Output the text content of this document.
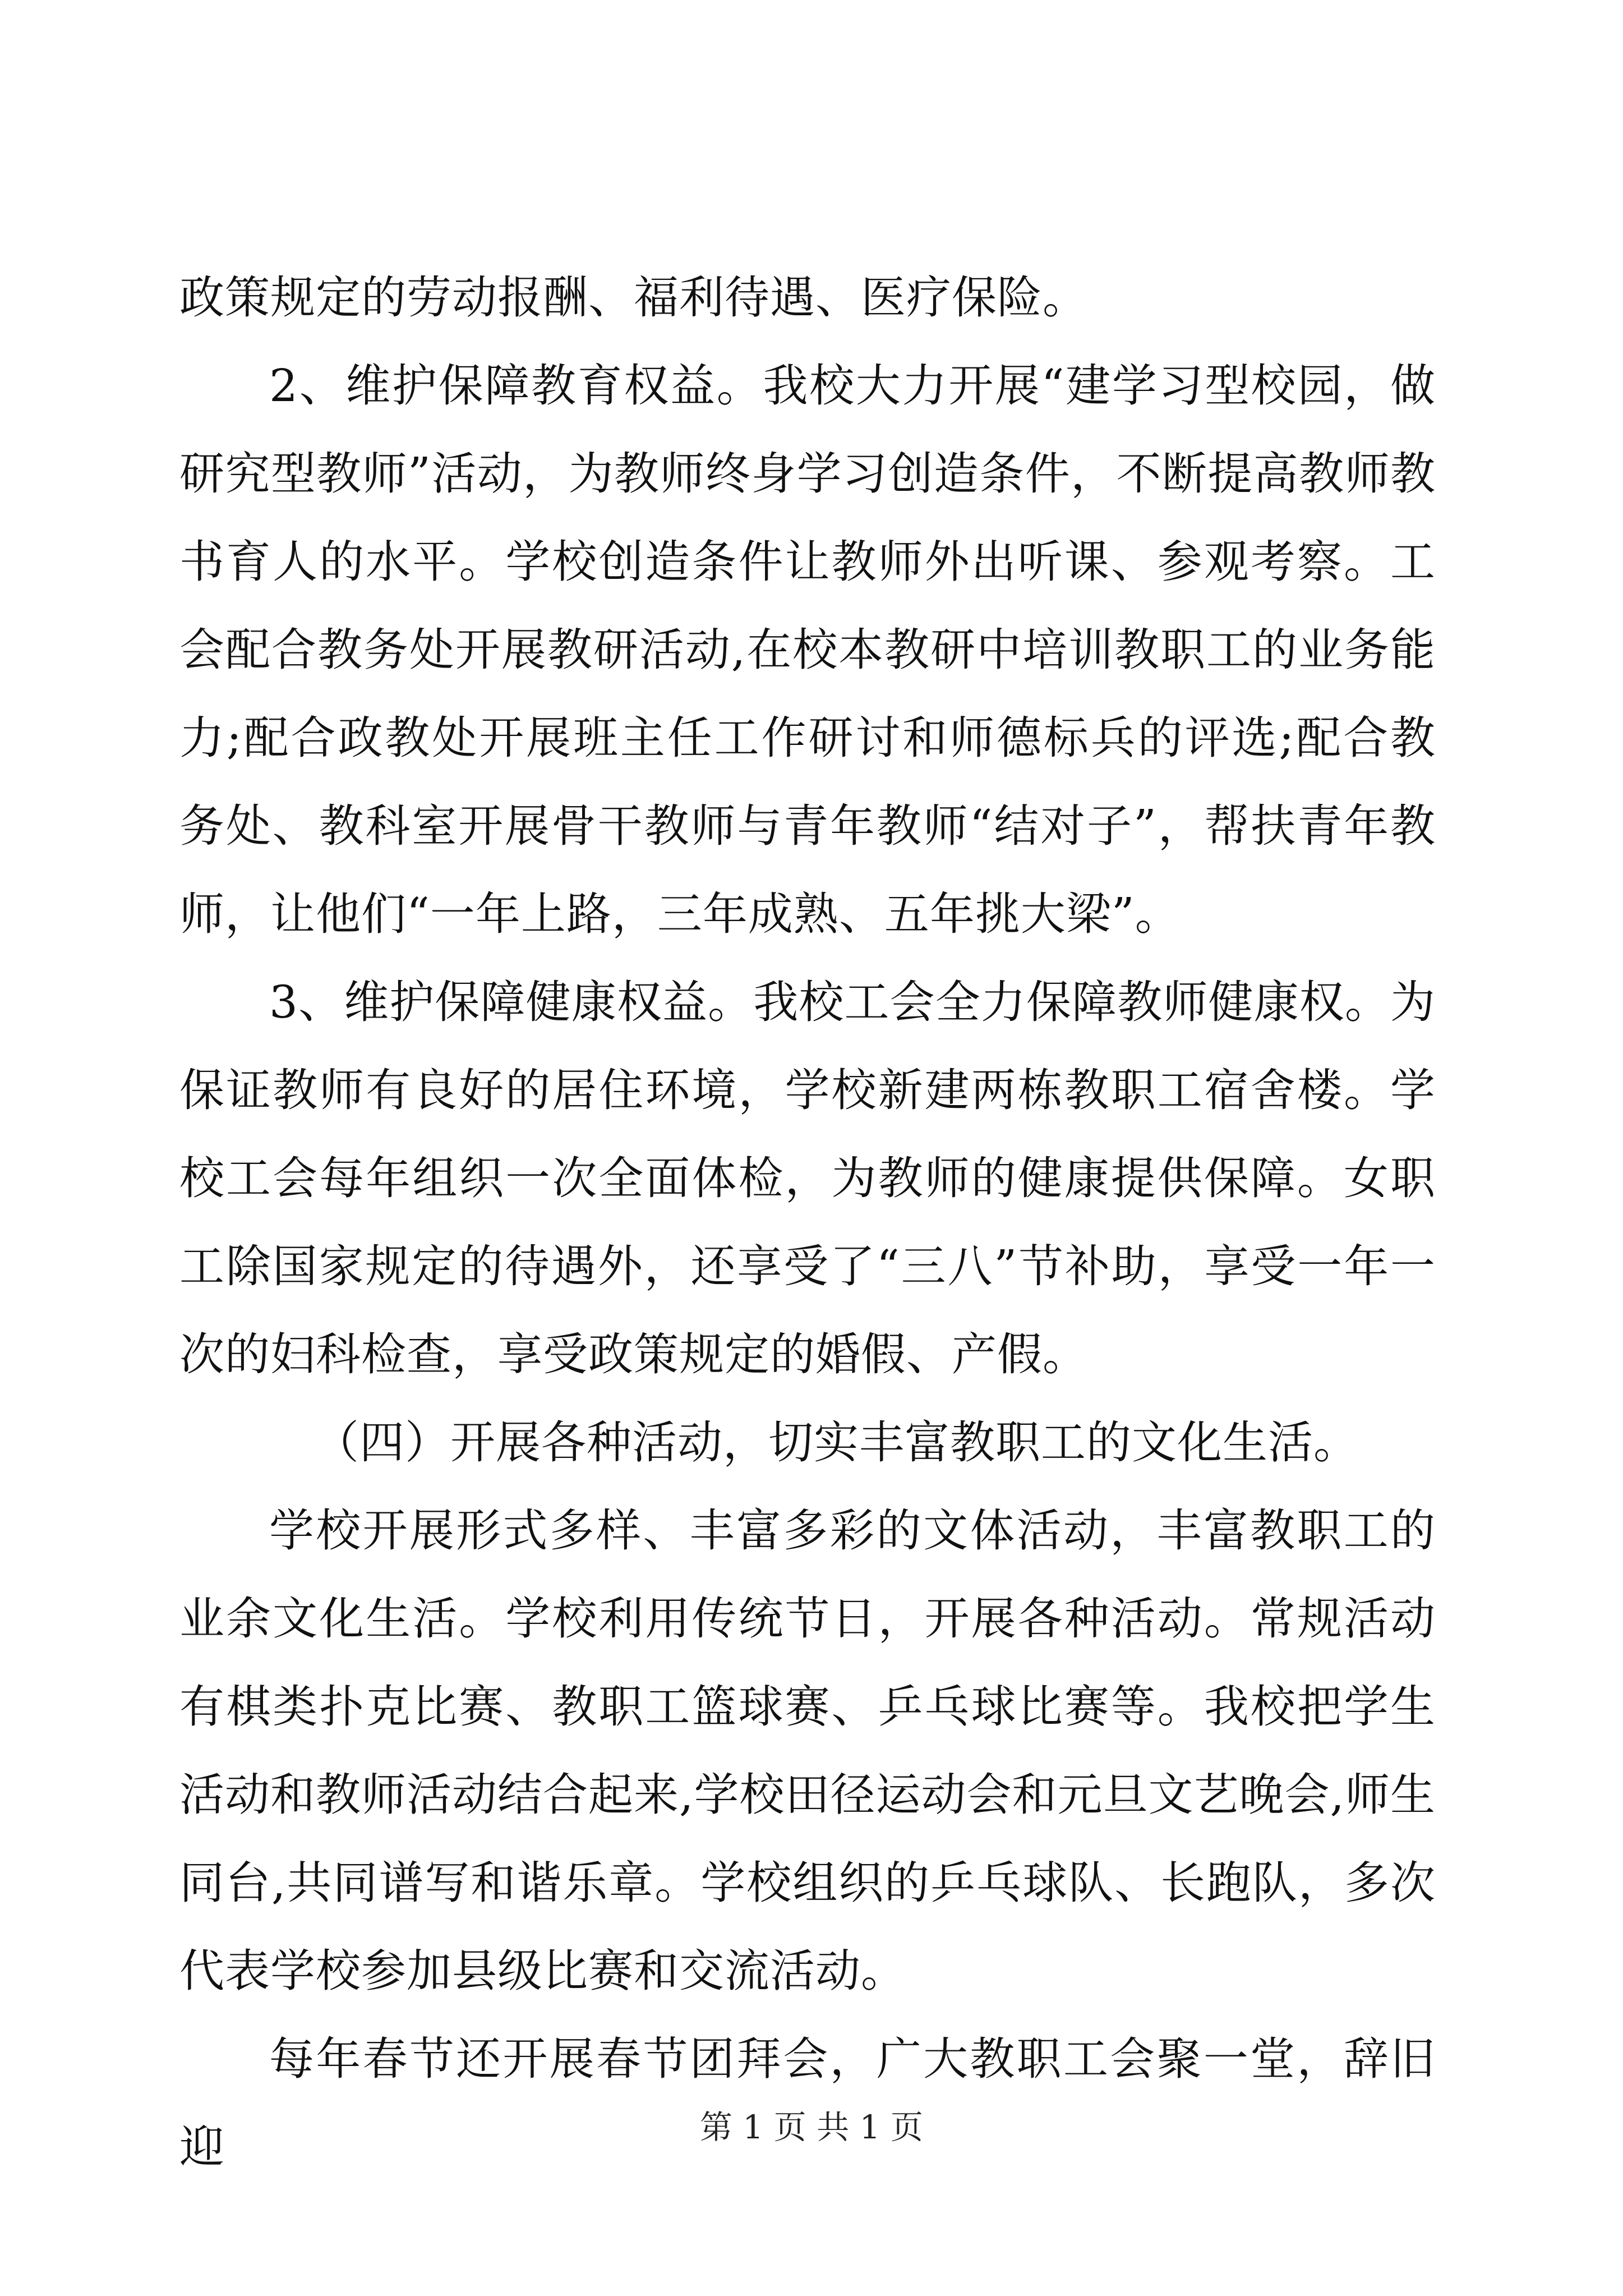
政策规定的劳动报酬、福利待遇、医疗保险。

2、维护保障教育权益。我校大力开展“建学习型校园，做研究型教师”活动，为教师终身学习创造条件，不断提高教师教书育人的水平。学校创造条件让教师外出听课、参观考察。工会配合教务处开展教研活动,在校本教研中培训教职工的业务能力;配合政教处开展班主任工作研讨和师德标兵的评选;配合教务处、教科室开展骨干教师与青年教师“结对子”，帮扶青年教师，让他们“一年上路，三年成熟、五年挑大梁”。

3、维护保障健康权益。我校工会全力保障教师健康权。为保证教师有良好的居住环境，学校新建两栋教职工宿舍楼。学校工会每年组织一次全面体检，为教师的健康提供保障。女职工除国家规定的待遇外，还享受了“三八”节补助，享受一年一次的妇科检查，享受政策规定的婚假、产假。

（四）开展各种活动，切实丰富教职工的文化生活。

学校开展形式多样、丰富多彩的文体活动，丰富教职工的业余文化生活。学校利用传统节日，开展各种活动。常规活动有棋类扑克比赛、教职工篮球赛、乒乓球比赛等。我校把学生活动和教师活动结合起来,学校田径运动会和元旦文艺晚会,师生同台,共同谱写和谐乐章。学校组织的乒乓球队、长跑队，多次代表学校参加县级比赛和交流活动。

每年春节还开展春节团拜会，广大教职工会聚一堂，辞旧迎	第 1 页 共 1 页
